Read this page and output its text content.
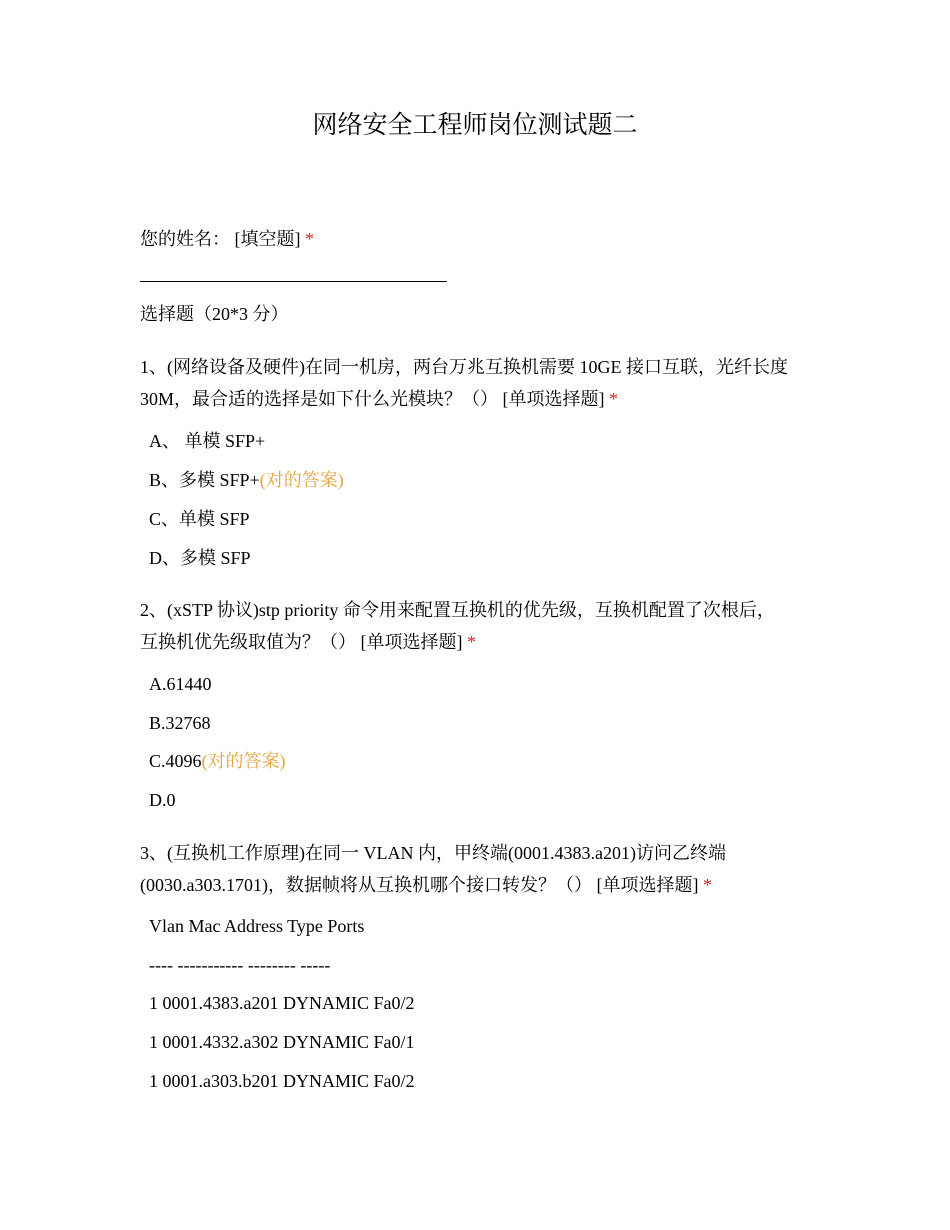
网络安全工程师岗位测试题二
您的姓名： [填空题] *
选择题（20*3 分）
1、(网络设备及硬件)在同一机房，两台万兆互换机需要 10GE 接口互联，光纤长度
30M，最合适的选择是如下什么光模块？（） [单项选择题] *
A、 单模 SFP+
B、多模 SFP+(对的答案)
C、单模 SFP
D、多模 SFP
2、(xSTP 协议)stp priority 命令用来配置互换机的优先级，互换机配置了次根后，
互换机优先级取值为？（） [单项选择题] *
A.61440
B.32768
C.4096(对的答案)
D.0
3、(互换机工作原理)在同一 VLAN 内，甲终端(0001.4383.a201)访问乙终端
(0030.a303.1701)，数据帧将从互换机哪个接口转发？（） [单项选择题] *
Vlan Mac Address Type Ports
---- ----------- -------- -----
1 0001.4383.a201 DYNAMIC Fa0/2
1 0001.4332.a302 DYNAMIC Fa0/1
1 0001.a303.b201 DYNAMIC Fa0/2
